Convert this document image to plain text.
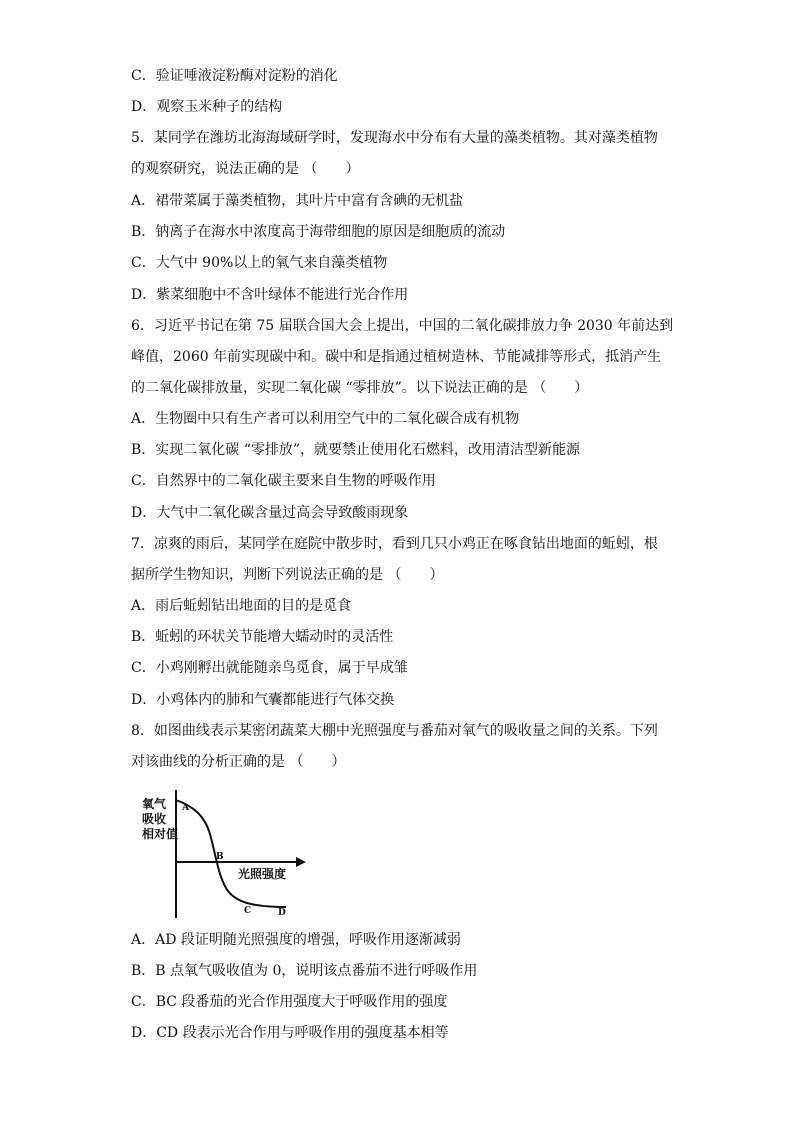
C．验证唾液淀粉酶对淀粉的消化
D．观察玉米种子的结构
5．某同学在潍坊北海海域研学时，发现海水中分布有大量的藻类植物。其对藻类植物
的观察研究，说法正确的是 （　　）
A．裙带菜属于藻类植物，其叶片中富有含碘的无机盐
B．钠离子在海水中浓度高于海带细胞的原因是细胞质的流动
C．大气中 90%以上的氧气来自藻类植物
D．紫菜细胞中不含叶绿体不能进行光合作用
6．习近平书记在第 75 届联合国大会上提出，中国的二氧化碳排放力争 2030 年前达到
峰值，2060 年前实现碳中和。碳中和是指通过植树造林、节能减排等形式，抵消产生
的二氧化碳排放量，实现二氧化碳 “零排放”。以下说法正确的是 （　　）
A．生物圈中只有生产者可以利用空气中的二氧化碳合成有机物
B．实现二氧化碳 “零排放”，就要禁止使用化石燃料，改用清洁型新能源
C．自然界中的二氧化碳主要来自生物的呼吸作用
D．大气中二氧化碳含量过高会导致酸雨现象
7．凉爽的雨后，某同学在庭院中散步时，看到几只小鸡正在啄食钻出地面的蚯蚓，根
据所学生物知识，判断下列说法正确的是 （　　）
A．雨后蚯蚓钻出地面的目的是觅食
B．蚯蚓的环状关节能增大蠕动时的灵活性
C．小鸡刚孵出就能随亲鸟觅食，属于早成雏
D．小鸡体内的肺和气囊都能进行气体交换
8．如图曲线表示某密闭蔬菜大棚中光照强度与番茄对氧气的吸收量之间的关系。下列
对该曲线的分析正确的是 （　　）
氧气
吸收
相对值
光照强度
A
B
C	D
A．AD 段证明随光照强度的增强，呼吸作用逐渐减弱
B．B 点氧气吸收值为 0，说明该点番茄不进行呼吸作用
C．BC 段番茄的光合作用强度大于呼吸作用的强度
D．CD 段表示光合作用与呼吸作用的强度基本相等
